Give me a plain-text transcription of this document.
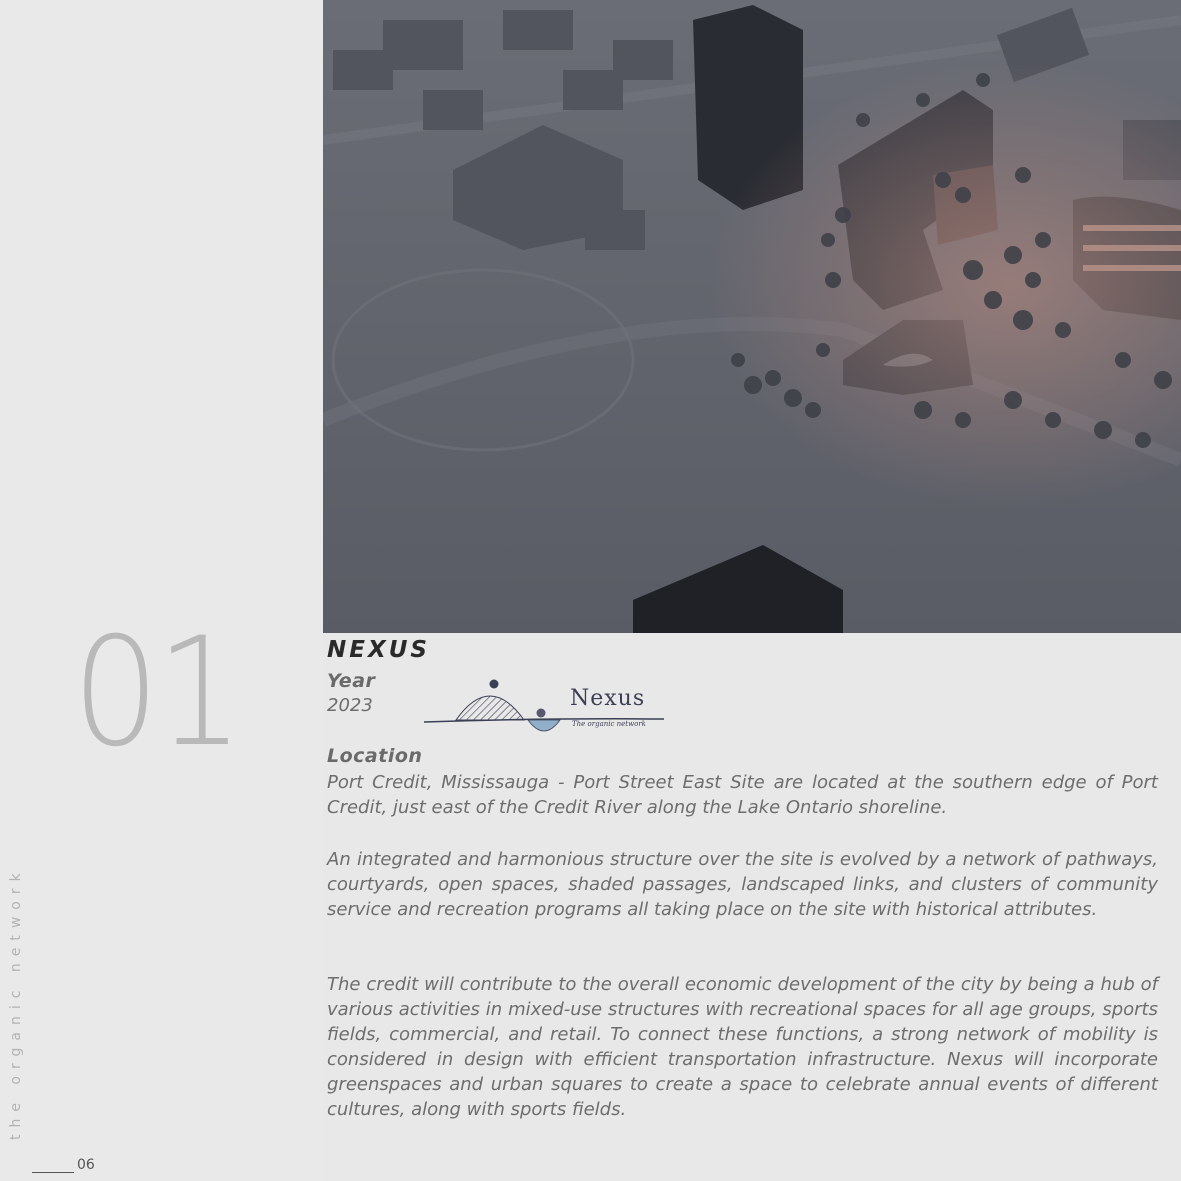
01
the organic network
06
NEXUS
Year
2023	Nexus
The organic network
Location

Port Credit, Mississauga - Port Street East Site are located at the southern edge of Port Credit, just east of the Credit River along the Lake Ontario shoreline.

An integrated and harmonious structure over the site is evolved by a network of pathways, courtyards, open spaces, shaded passages, landscaped links, and clusters of community service and recreation programs all taking place on the site with historical attributes.

The credit will contribute to the overall economic development of the city by being a hub of various activities in mixed-use structures with recreational spaces for all age groups, sports fields, commercial, and retail. To connect these functions, a strong network of mobility is considered in design with efficient transportation infrastructure. Nexus will incorporate greenspaces and urban squares to create a space to celebrate annual events of different cultures, along with sports fields.
